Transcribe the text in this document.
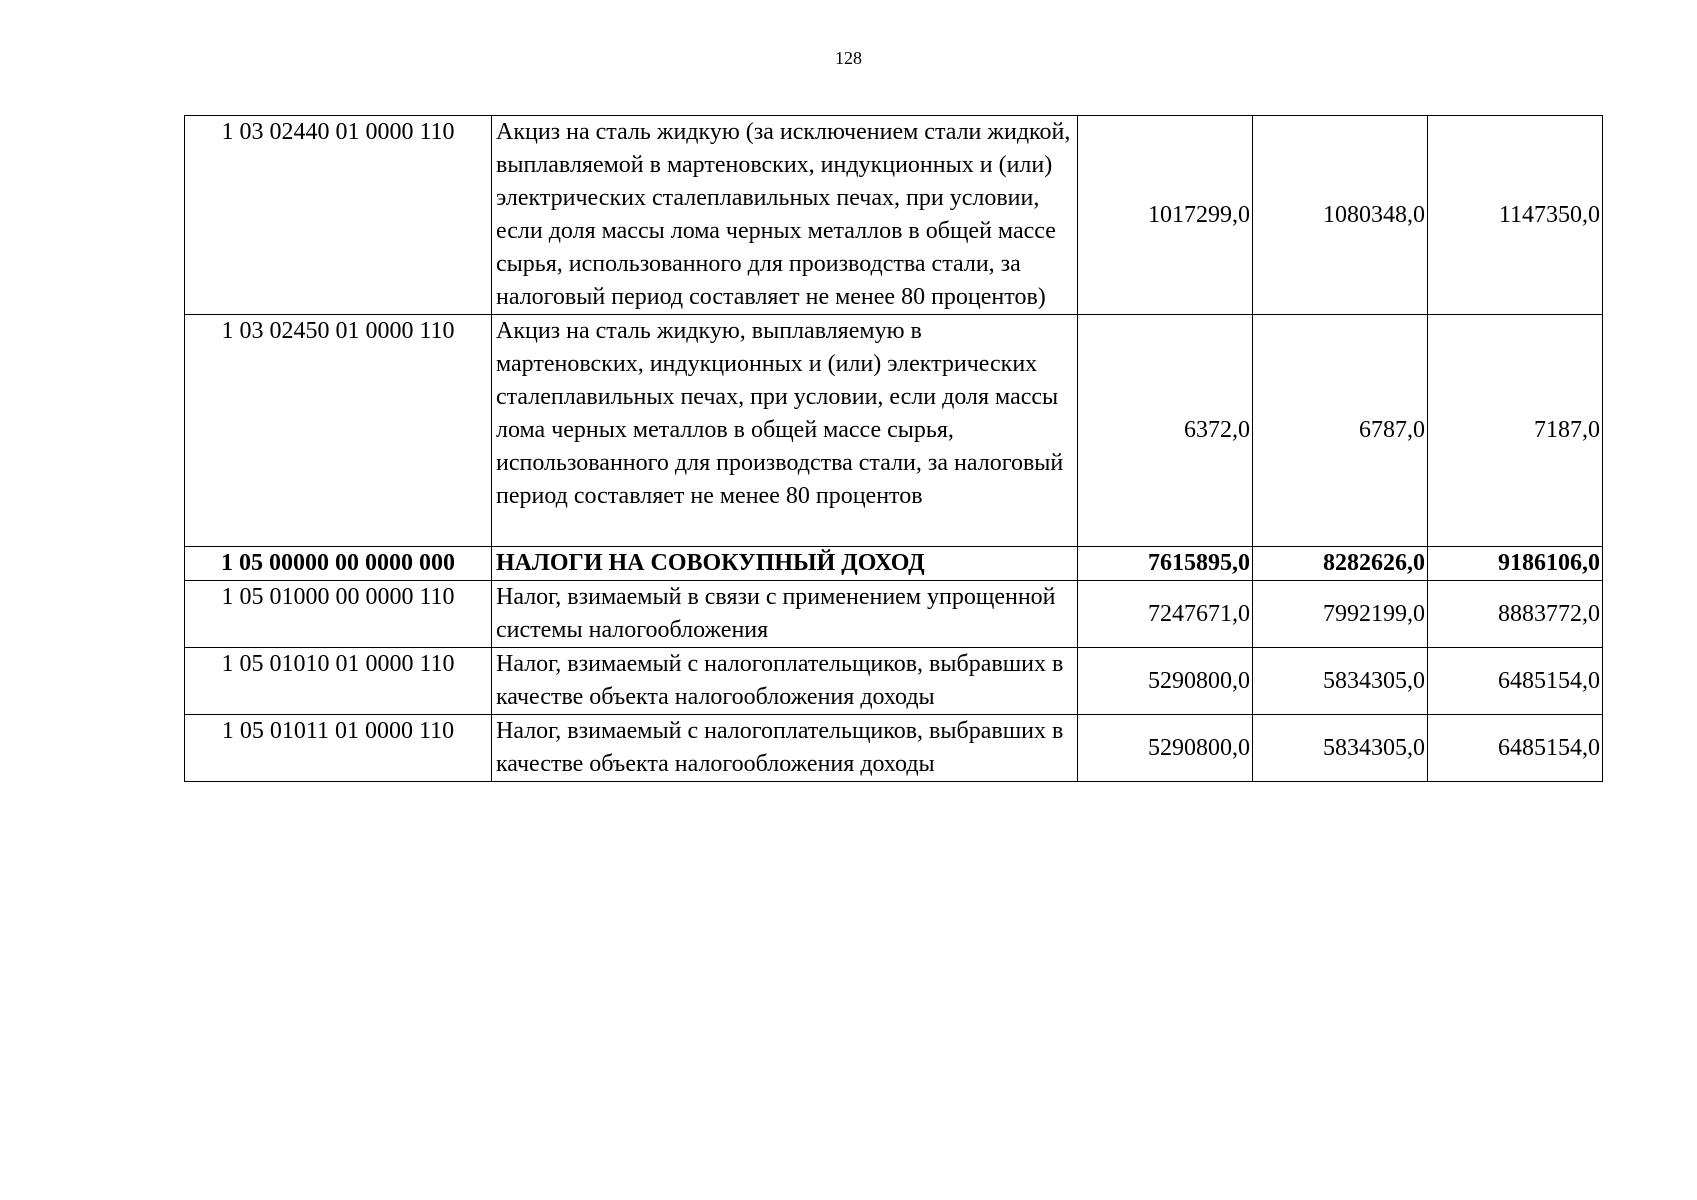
128
1 03 02440 01 0000 110	Акциз на сталь жидкую (за исключением стали жидкой, выплавляемой в мартеновских, индукционных и (или) электрических сталеплавильных печах, при условии, если доля массы лома черных металлов в общей массе сырья, использованного для производства стали, за налоговый период составляет не менее 80 процентов)	1017299,0	1080348,0	1147350,0
1 03 02450 01 0000 110	Акциз на сталь жидкую, выплавляемую в мартеновских, индукционных и (или) электрических сталеплавильных печах, при условии, если доля массы лома черных металлов в общей массе сырья, использованного для производства стали, за налоговый период составляет не менее 80 процентов	6372,0	6787,0	7187,0
1 05 00000 00 0000 000	НАЛОГИ НА СОВОКУПНЫЙ ДОХОД	7615895,0	8282626,0	9186106,0
1 05 01000 00 0000 110	Налог, взимаемый в связи с применением упрощенной системы налогообложения	7247671,0	7992199,0	8883772,0
1 05 01010 01 0000 110	Налог, взимаемый с налогоплательщиков, выбравших в качестве объекта налогообложения доходы	5290800,0	5834305,0	6485154,0
1 05 01011 01 0000 110	Налог, взимаемый с налогоплательщиков, выбравших в качестве объекта налогообложения доходы	5290800,0	5834305,0	6485154,0
